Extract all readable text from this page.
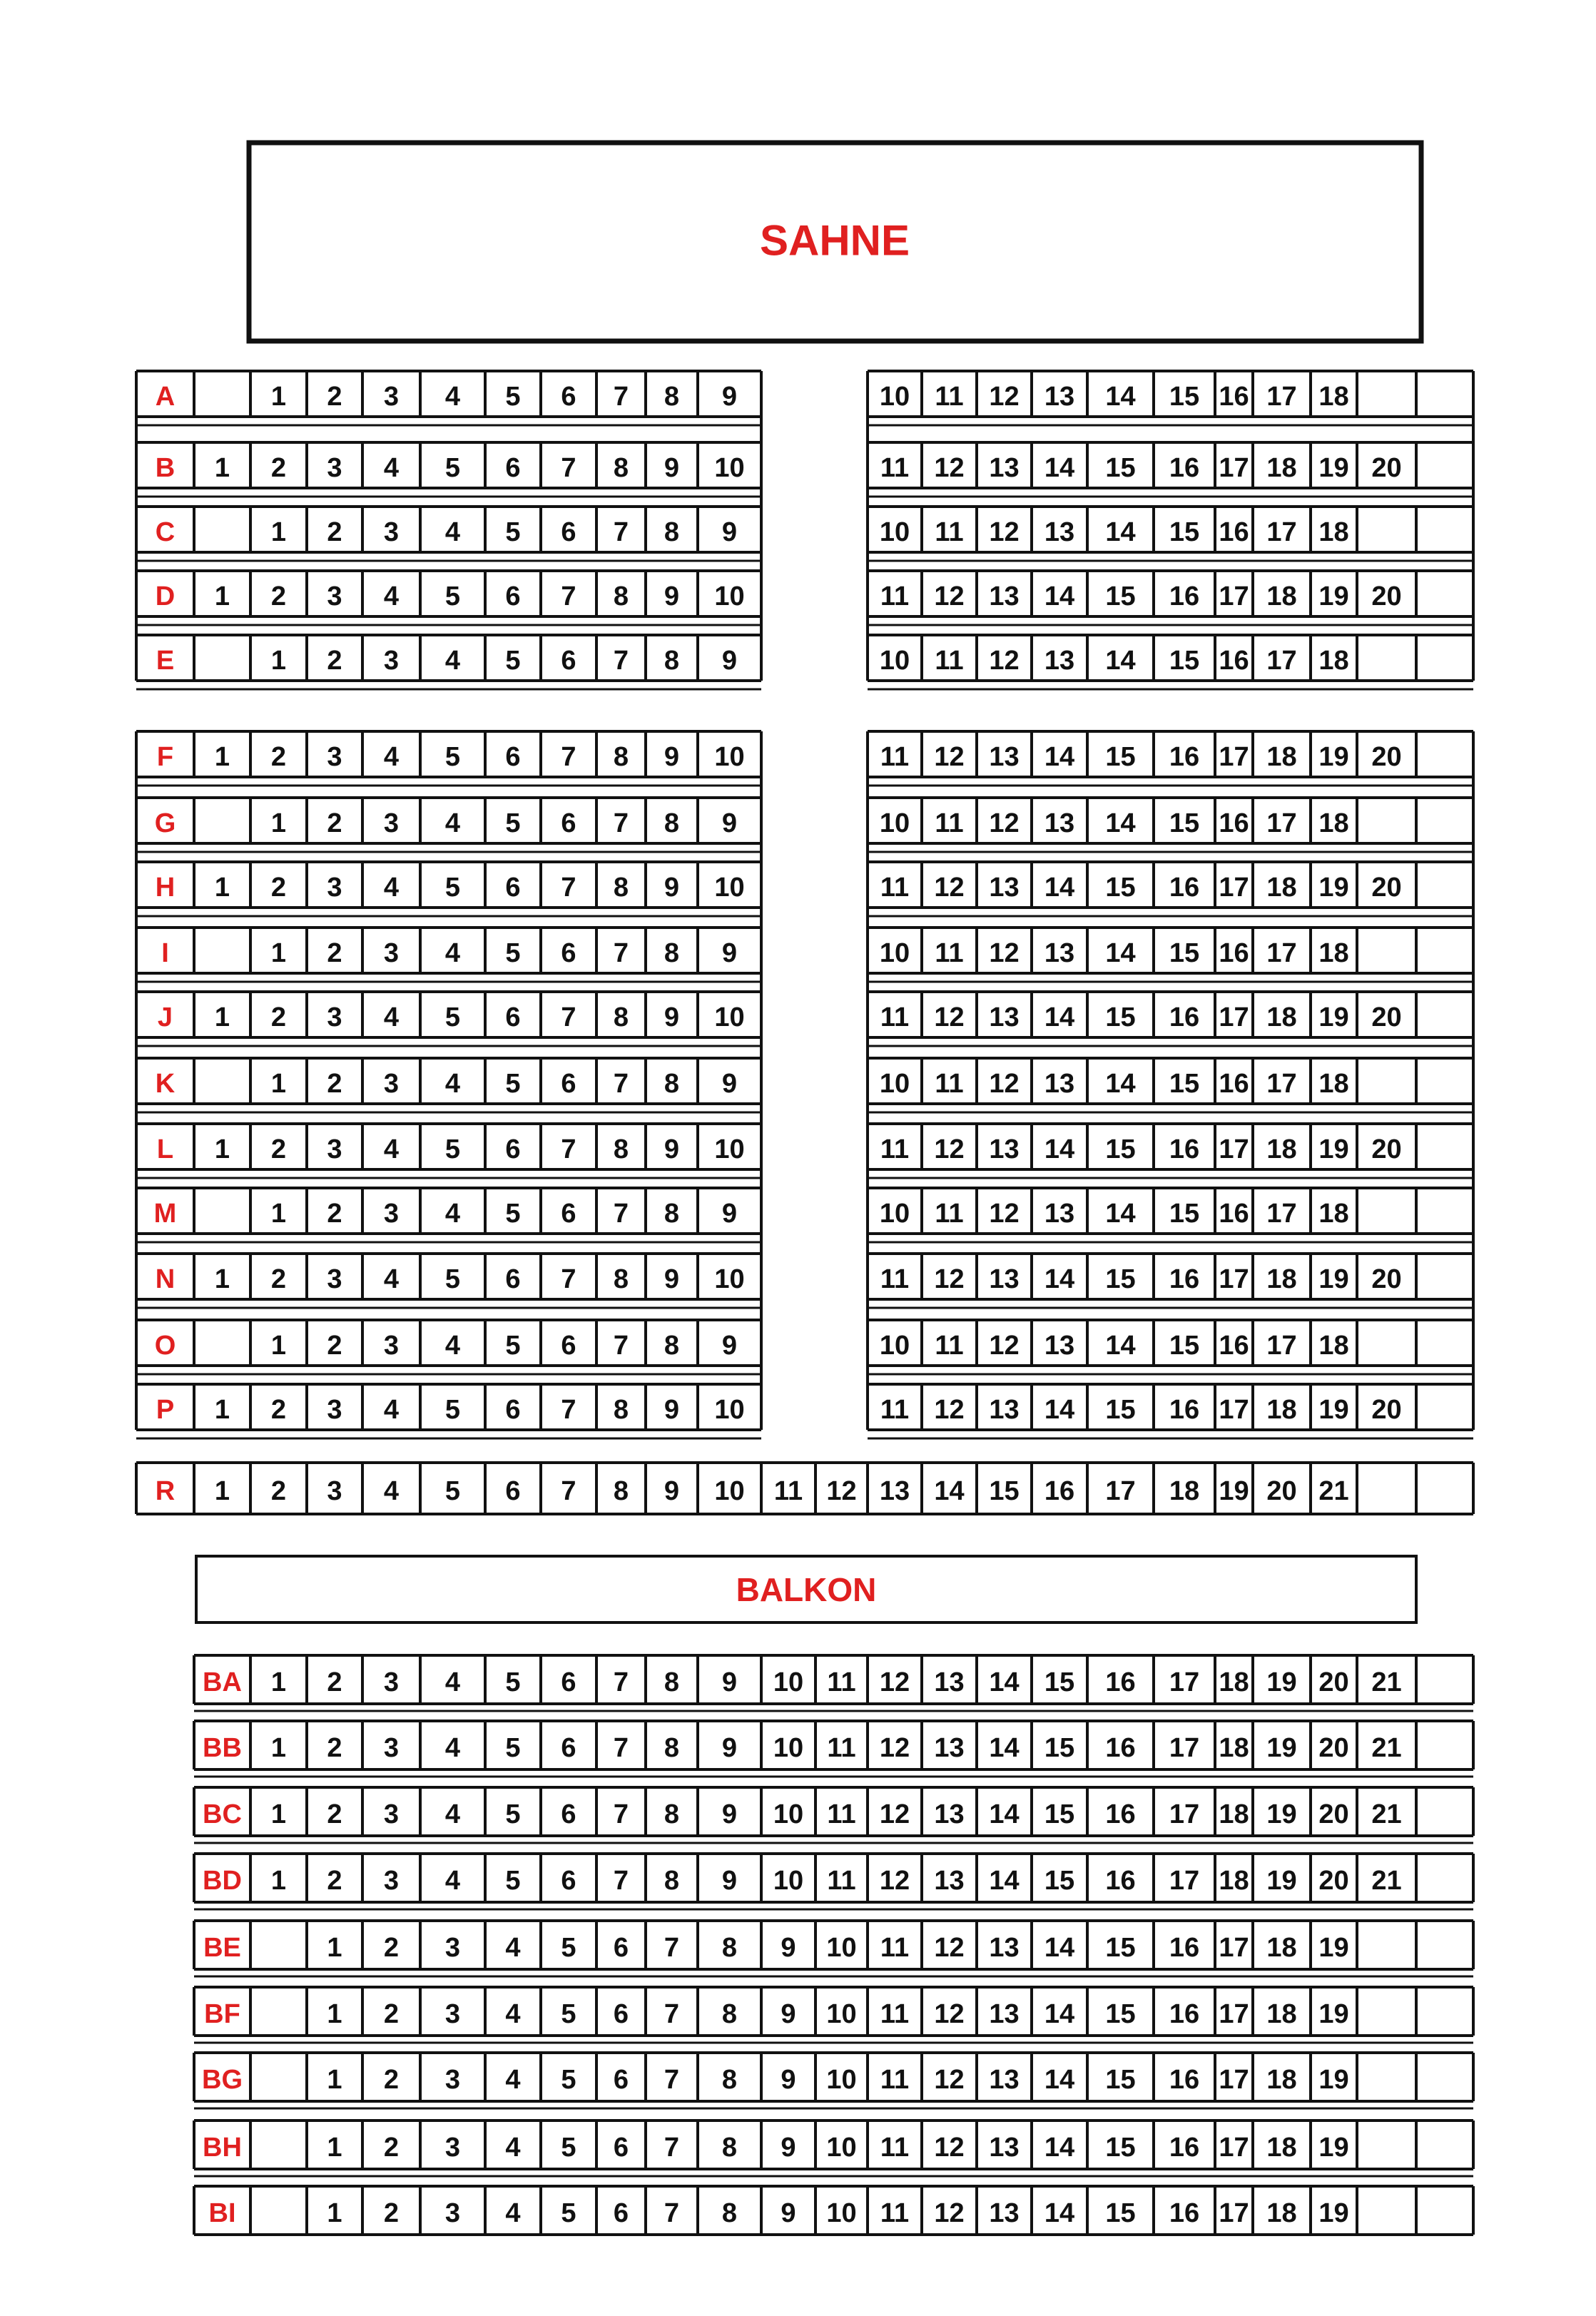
SAHNE
A	1 2 3 4 5 6 7 8 9	10 11 12 13 14 15 16 17 18
B 1 2 3 4 5 6 7 8 9 10	11 12 13 14 15 16 17 18 19 20
C	1 2 3 4 5 6 7 8 9	10 11 12 13 14 15 16 17 18
D 1 2 3 4 5 6 7 8 9 10	11 12 13 14 15 16 17 18 19 20
E	1 2 3 4 5 6 7 8 9	10 11 12 13 14 15 16 17 18
F 1 2 3 4 5 6 7 8 9 10	11 12 13 14 15 16 17 18 19 20
G	1 2 3 4 5 6 7 8 9	10 11 12 13 14 15 16 17 18
H 1 2 3 4 5 6 7 8 9 10	11 12 13 14 15 16 17 18 19 20
I	1 2 3 4 5 6 7 8 9	10 11 12 13 14 15 16 17 18
J 1 2 3 4 5 6 7 8 9 10	11 12 13 14 15 16 17 18 19 20
K	1 2 3 4 5 6 7 8 9	10 11 12 13 14 15 16 17 18
L 1 2 3 4 5 6 7 8 9 10	11 12 13 14 15 16 17 18 19 20
M	1 2 3 4 5 6 7 8 9	10 11 12 13 14 15 16 17 18
N 1 2 3 4 5 6 7 8 9 10	11 12 13 14 15 16 17 18 19 20
O	1 2 3 4 5 6 7 8 9	10 11 12 13 14 15 16 17 18
P 1 2 3 4 5 6 7 8 9 10	11 12 13 14 15 16 17 18 19 20
R 1 2 3 4 5 6 7 8 9 10 11 12 13 14 15 16 17 18 19 20 21
BALKON
BA 1 2 3 4 5 6 7 8 9 10 11 12 13 14 15 16 17 18 19 20 21
BB 1 2 3 4 5 6 7 8 9 10 11 12 13 14 15 16 17 18 19 20 21
BC 1 2 3 4 5 6 7 8 9 10 11 12 13 14 15 16 17 18 19 20 21
BD 1 2 3 4 5 6 7 8 9 10 11 12 13 14 15 16 17 18 19 20 21
BE	1 2 3 4 5 6 7 8 9 10 11 12 13 14 15 16 17 18 19
BF	1 2 3 4 5 6 7 8 9 10 11 12 13 14 15 16 17 18 19
BG	1 2 3 4 5 6 7 8 9 10 11 12 13 14 15 16 17 18 19
BH	1 2 3 4 5 6 7 8 9 10 11 12 13 14 15 16 17 18 19
BI	1 2 3 4 5 6 7 8 9 10 11 12 13 14 15 16 17 18 19
